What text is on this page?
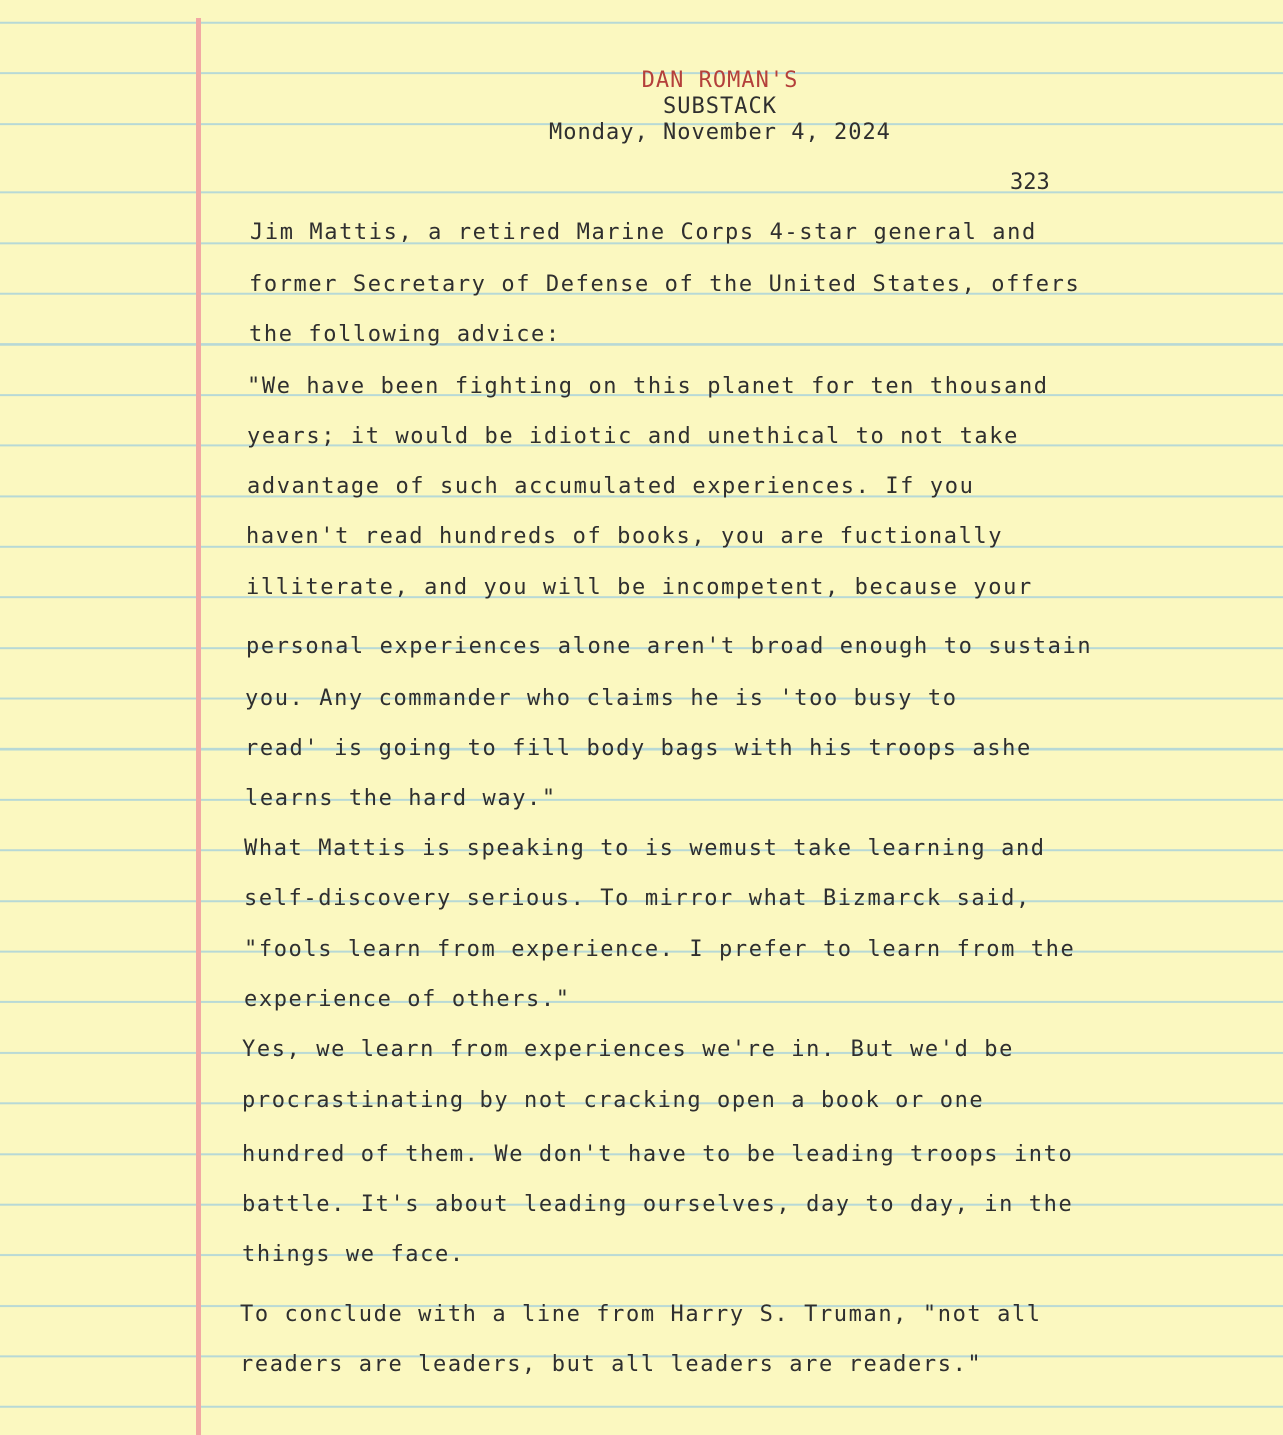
DAN ROMAN'S
SUBSTACK
Monday, November 4, 2024
323
Jim Mattis, a retired Marine Corps 4-star general and
former Secretary of Defense of the United States, offers
the following advice:
"We have been fighting on this planet for ten thousand
years; it would be idiotic and unethical to not take
advantage of such accumulated experiences. If you
haven't read hundreds of books, you are fuctionally
illiterate, and you will be incompetent, because your
personal experiences alone aren't broad enough to sustain
you. Any commander who claims he is 'too busy to
read' is going to fill body bags with his troops ashe
learns the hard way."
What Mattis is speaking to is wemust take learning and
self-discovery serious. To mirror what Bizmarck said,
"fools learn from experience. I prefer to learn from the
experience of others."
Yes, we learn from experiences we're in. But we'd be
procrastinating by not cracking open a book or one
hundred of them. We don't have to be leading troops into
battle. It's about leading ourselves, day to day, in the
things we face.
To conclude with a line from Harry S. Truman, "not all
readers are leaders, but all leaders are readers."
